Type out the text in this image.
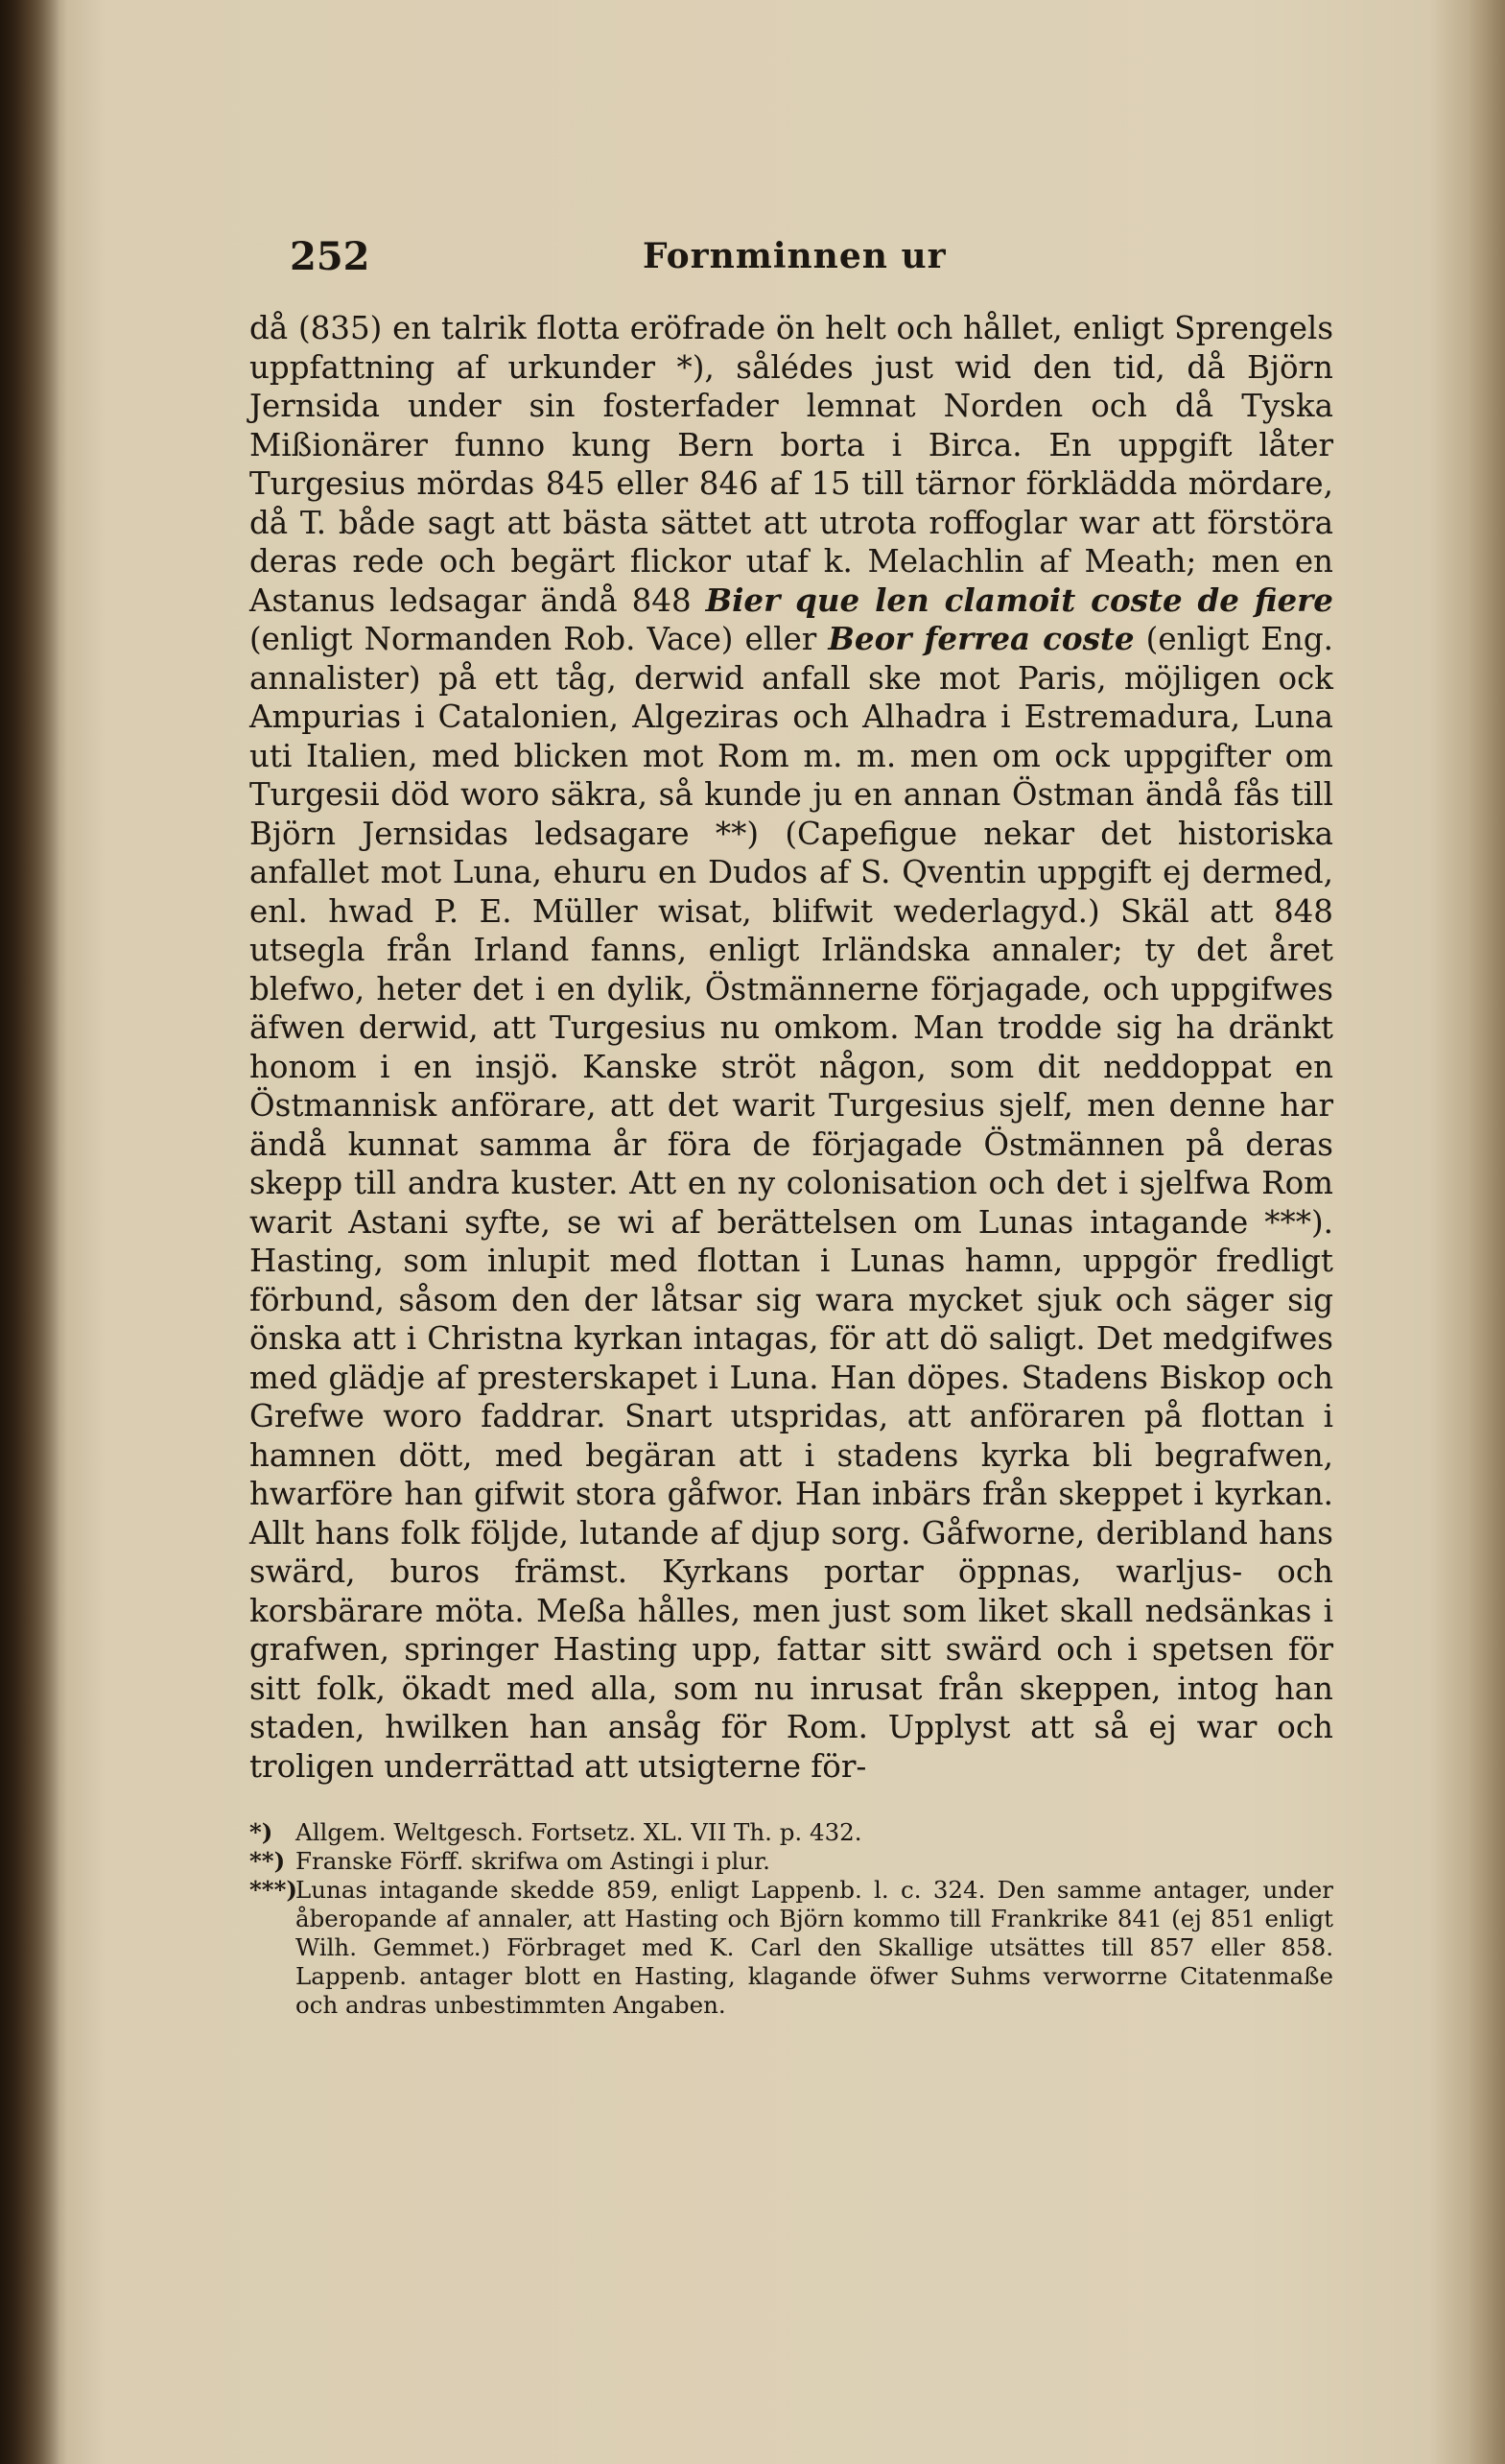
252	Fornminnen ur

då (835) en talrik flotta eröfrade ön helt och hållet, enligt Sprengels uppfattning af urkunder *), sålédes just wid den tid, då Björn Jernsida under sin fosterfader lemnat Norden och då Tyska Mißionärer funno kung Bern borta i Birca. En uppgift låter Turgesius mördas 845 eller 846 af 15 till tärnor förklädda mördare, då T. både sagt att bästa sättet att utrota roffoglar war att förstöra deras rede och begärt flickor utaf k. Melachlin af Meath; men en Astanus ledsagar ändå 848 Bier que len clamoit coste de fiere (enligt Normanden Rob. Vace) eller Beor ferrea coste (enligt Eng. annalister) på ett tåg, derwid anfall ske mot Paris, möjligen ock Ampurias i Catalonien, Algeziras och Alhadra i Estremadura, Luna uti Italien, med blicken mot Rom m. m. men om ock uppgifter om Turgesii död woro säkra, så kunde ju en annan Östman ändå fås till Björn Jernsidas ledsagare **) (Capefigue nekar det historiska anfallet mot Luna, ehuru en Dudos af S. Qventin uppgift ej dermed, enl. hwad P. E. Müller wisat, blifwit wederlagyd.) Skäl att 848 utsegla från Irland fanns, enligt Irländska annaler; ty det året blefwo, heter det i en dylik, Östmännerne förjagade, och uppgifwes äfwen derwid, att Turgesius nu omkom. Man trodde sig ha dränkt honom i en insjö. Kanske ströt någon, som dit neddoppat en Östmannisk anförare, att det warit Turgesius sjelf, men denne har ändå kunnat samma år föra de förjagade Östmännen på deras skepp till andra kuster. Att en ny colonisation och det i sjelfwa Rom warit Astani syfte, se wi af berättelsen om Lunas intagande ***). Hasting, som inlupit med flottan i Lunas hamn, uppgör fredligt förbund, såsom den der låtsar sig wara mycket sjuk och säger sig önska att i Christna kyrkan intagas, för att dö saligt. Det medgifwes med glädje af presterskapet i Luna. Han döpes. Stadens Biskop och Grefwe woro faddrar. Snart utspridas, att anföraren på flottan i hamnen dött, med begäran att i stadens kyrka bli begrafwen, hwarföre han gifwit stora gåfwor. Han inbärs från skeppet i kyrkan. Allt hans folk följde, lutande af djup sorg. Gåfworne, deribland hans swärd, buros främst. Kyrkans portar öppnas, warljus- och korsbärare möta. Meßa hålles, men just som liket skall nedsänkas i grafwen, springer Hasting upp, fattar sitt swärd och i spetsen för sitt folk, ökadt med alla, som nu inrusat från skeppen, intog han staden, hwilken han ansåg för Rom. Upplyst att så ej war och troligen underrättad att utsigterne för-

*) Allgem. Weltgesch. Fortsetz. XL. VII Th. p. 432.
**) Franske Förff. skrifwa om Astingi i plur.
***)
Lunas intagande skedde 859, enligt Lappenb. l. c. 324. Den samme antager, under åberopande af annaler, att Hasting och Björn kommo till Frankrike 841 (ej 851 enligt Wilh. Gemmet.) Förbraget med K. Carl den Skallige utsättes till 857 eller 858. Lappenb. antager blott en Hasting, klagande öfwer Suhms verworrne Citatenmaße och andras unbestimmten Angaben.
